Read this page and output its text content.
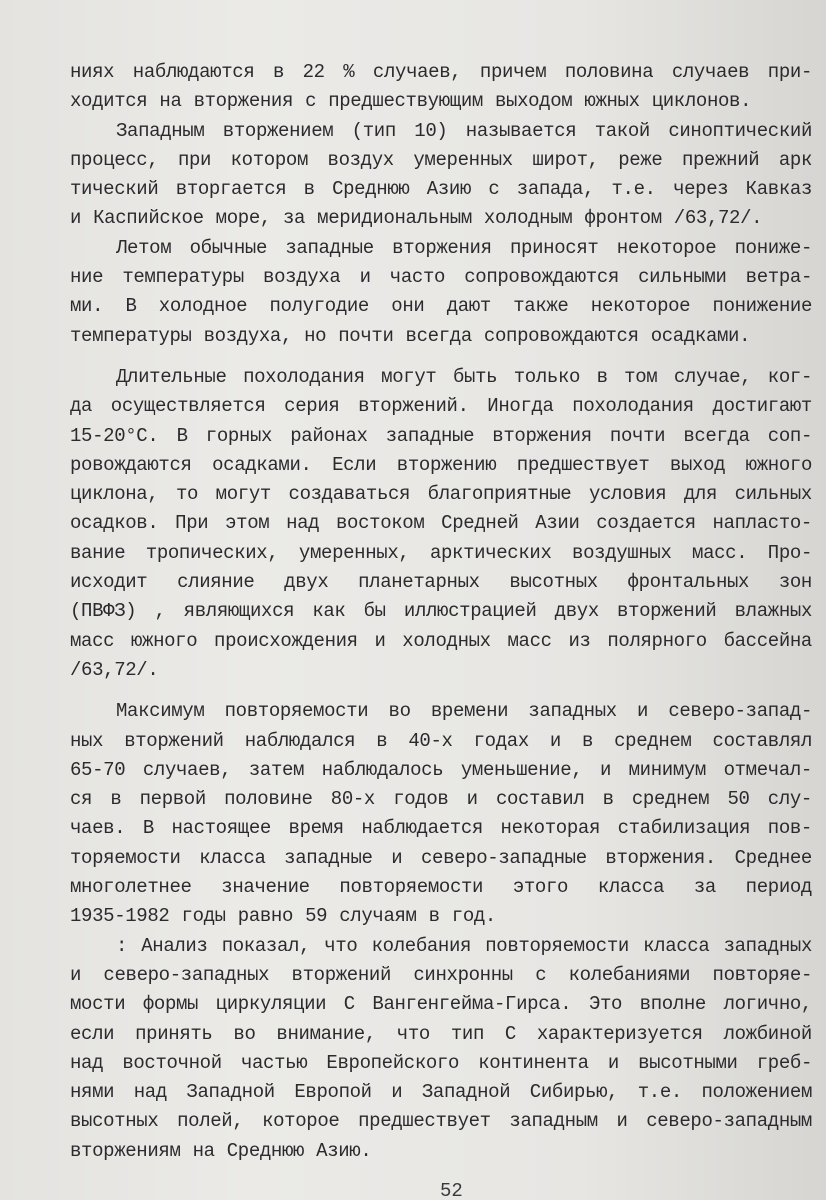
ниях наблюдаются в 22 % случаев, причем половина случаев при-

ходится на вторжения с предшествующим выходом южных циклонов.

Западным вторжением (тип 10) называется такой синоптический

процесс, при котором воздух умеренных широт, реже прежний арк

тический вторгается в Среднюю Азию с запада, т.е. через Кавказ

и Каспийское море, за меридиональным холодным фронтом /63,72/.

Летом обычные западные вторжения приносят некоторое пониже-

ние температуры воздуха и часто сопровождаются сильными ветра-

ми. В холодное полугодие они дают также некоторое понижение

температуры воздуха, но почти всегда сопровождаются осадками.

Длительные похолодания могут быть только в том случае, ког-

да осуществляется серия вторжений. Иногда похолодания достигают

15-20°С. В горных районах западные вторжения почти всегда соп-

ровождаются осадками. Если вторжению предшествует выход южного

циклона, то могут создаваться благоприятные условия для сильных

осадков. При этом над востоком Средней Азии создается напласто-

вание тропических, умеренных, арктических воздушных масс. Про-

исходит слияние двух планетарных высотных фронтальных зон

(ПВФЗ) , являющихся как бы иллюстрацией двух вторжений влажных

масс южного происхождения и холодных масс из полярного бассейна

/63,72/.

Максимум повторяемости во времени западных и северо-запад-

ных вторжений наблюдался в 40-х годах и в среднем составлял

65-70 случаев, затем наблюдалось уменьшение, и минимум отмечал-

ся в первой половине 80-х годов и составил в среднем 50 слу-

чаев. В настоящее время наблюдается некоторая стабилизация пов-

торяемости класса западные и северо-западные вторжения. Среднее

многолетнее значение повторяемости этого класса за период

1935-1982 годы равно 59 случаям в год.

: Анализ показал, что колебания повторяемости класса западных

и северо-западных вторжений синхронны с колебаниями повторяе-

мости формы циркуляции С Вангенгейма-Гирса. Это вполне логично,

если принять во внимание, что тип С характеризуется ложбиной

над восточной частью Европейского континента и высотными греб-

нями над Западной Европой и Западной Сибирью, т.е. положением

высотных полей, которое предшествует западным и северо-западным

вторжениям на Среднюю Азию.

52
